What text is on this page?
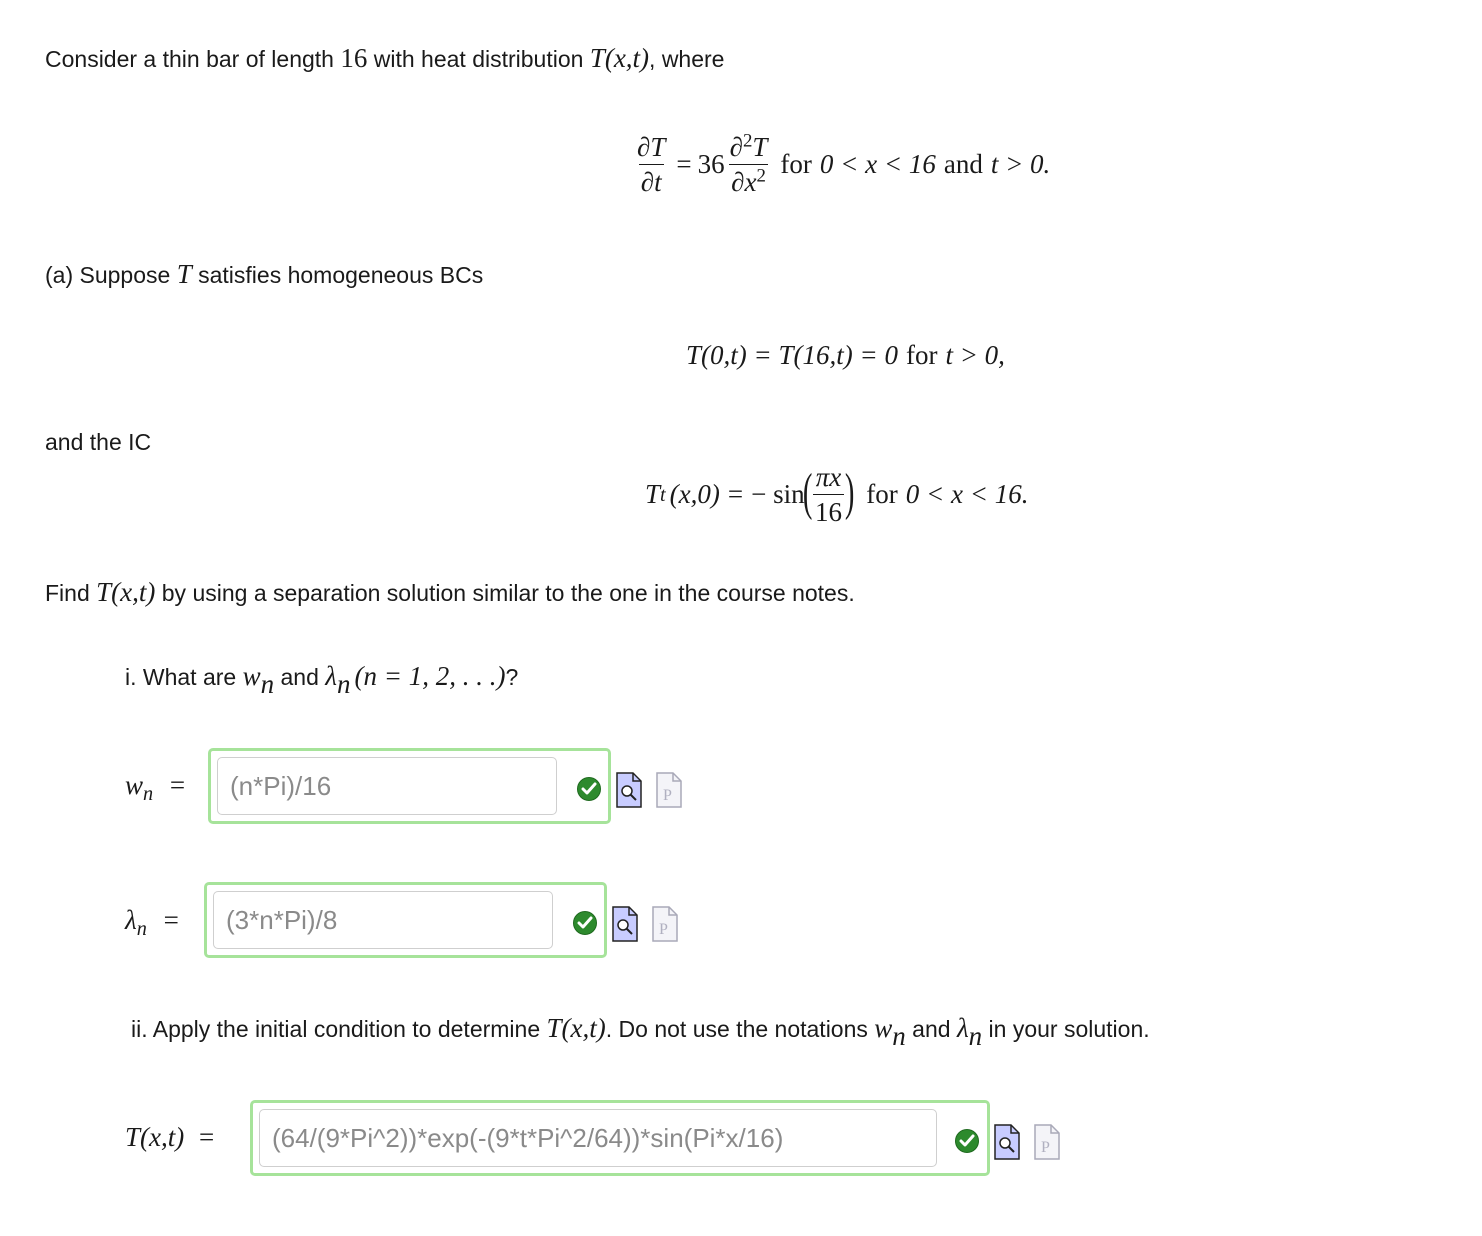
Consider a thin bar of length 16 with heat distribution T(x,t), where
$\frac{\partial T}{\partial t} = 36 \frac{\partial^2T}{\partial x^2}$ for 0 < x < 16 and t > 0.
(a) Suppose T satisfies homogeneous BCs
T(0,t) = T(16,t) = 0 for t > 0,
and the IC
T t (x,0) = − sin
( $\frac{\pi x}{16}$ ) for 0 < x < 16.
Find T(x,t) by using a separation solution similar to the one in the course notes.
i. What are $w_n$ and $\lambda_n$ (n = 1, 2, . . .)?
$w_n$ =	(n*Pi)/16	P
$\lambda_n$ =	(3*n*Pi)/8	P
ii. Apply the initial condition to determine T(x,t). Do not use the notations $w_n$ and $\lambda_n$ in your solution.
T(x,t) =	(64/(9*Pi^2))*exp(-(9*t*Pi^2/64))*sin(Pi*x/16)	P
